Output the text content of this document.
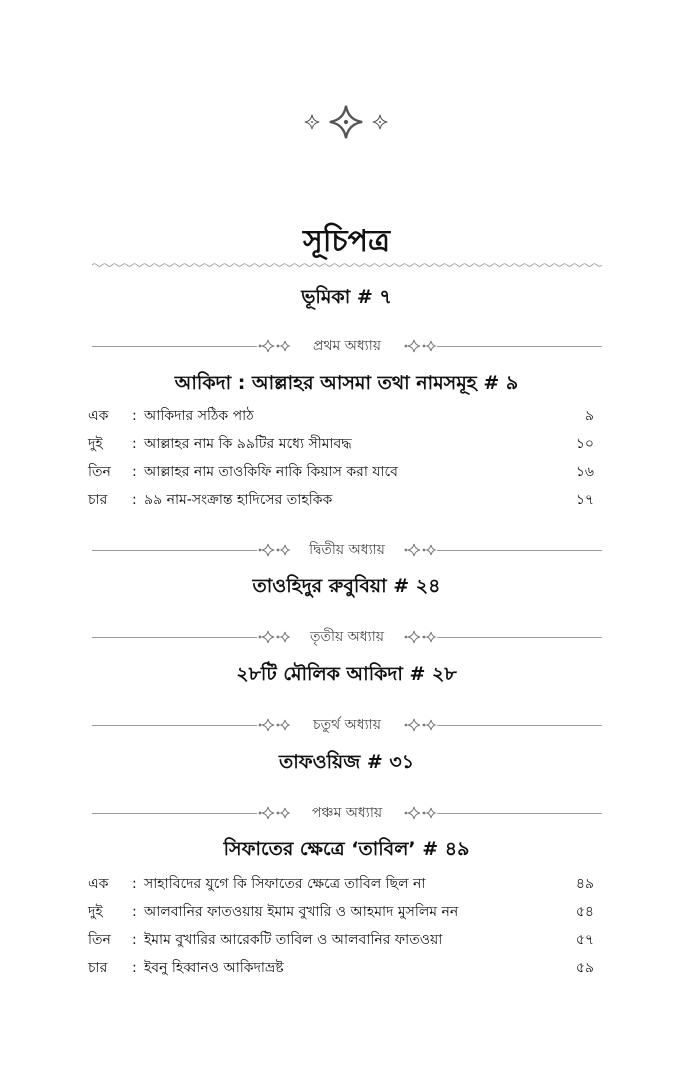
সূচিপত্র
ভূমিকা # ৭
প্রথম অধ্যায়
আকিদা : আল্লাহর আসমা তথা নামসমূহ # ৯
এক	: আকিদার সঠিক পাঠ	৯
দুই	: আল্লাহর নাম কি ৯৯টির মধ্যে সীমাবদ্ধ	১০
তিন	: আল্লাহর নাম তাওকিফি নাকি কিয়াস করা যাবে	১৬
চার	: ৯৯ নাম-সংক্রান্ত হাদিসের তাহকিক	১৭
দ্বিতীয় অধ্যায়
তাওহিদুর রুবুবিয়া # ২৪
তৃতীয় অধ্যায়
২৮টি মৌলিক আকিদা # ২৮
চতুর্থ অধ্যায়
তাফওয়িজ # ৩১
পঞ্চম অধ্যায়
সিফাতের ক্ষেত্রে ‘তাবিল’ # ৪৯
এক	: সাহাবিদের যুগে কি সিফাতের ক্ষেত্রে তাবিল ছিল না	৪৯
দুই	: আলবানির ফাতওয়ায় ইমাম বুখারি ও আহমাদ মুসলিম নন	৫৪
তিন	: ইমাম বুখারির আরেকটি তাবিল ও আলবানির ফাতওয়া	৫৭
চার	: ইবনু হিব্বানও আকিদাভ্রষ্ট	৫৯
